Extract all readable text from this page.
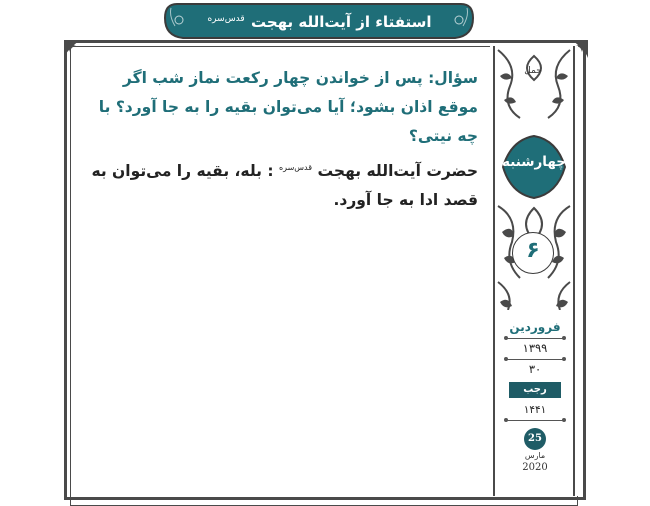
استفتاء از آیت‌الله بهجت $^{قدس‌سره}$

سؤال: پس از خواندن چهار رکعت نماز شب اگر موقع اذان بشود؛ آیا می‌توان بقیه را به جا آورد؟ با چه نیتی؟

حضرت آیت‌الله بهجت $^{قدس‌سره}$ : بله، بقیه را می‌توان به قصد ادا به جا آورد.

حمل
چهارشنبه
۶
فروردین
۱۳۹۹
۳۰
رجب
۱۴۴۱
25
مارس
2020
